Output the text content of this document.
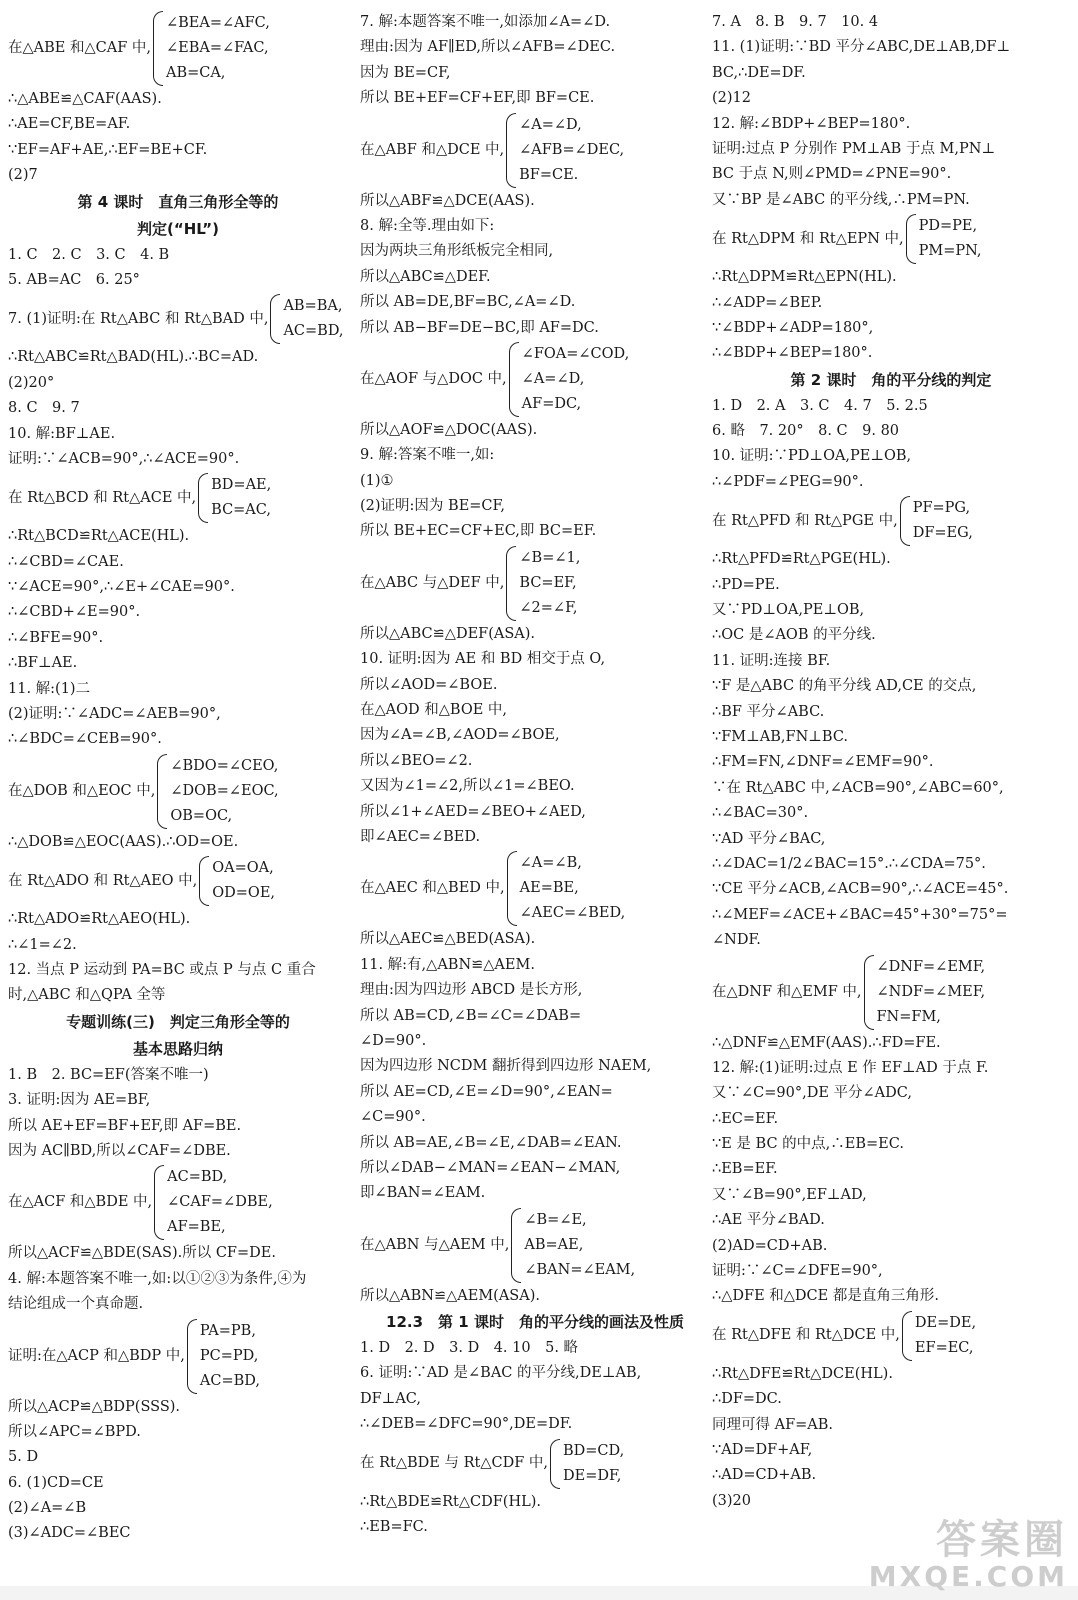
在△ABE 和△CAF 中,
∠BEA=∠AFC,
∠EBA=∠FAC,
AB=CA,
∴△ABE≌△CAF(AAS).
∴AE=CF,BE=AF.
∵EF=AF+AE,∴EF=BE+CF.
(2)7
第 4 课时　直角三角形全等的
判定(“HL”)
1. C　2. C　3. C　4. B
5. AB=AC　6. 25°
7. (1)证明:在 Rt△ABC 和 Rt△BAD 中,
AB=BA,
AC=BD,
∴Rt△ABC≌Rt△BAD(HL).∴BC=AD.
(2)20°
8. C　9. 7
10. 解:BF⊥AE.
证明:∵∠ACB=90°,∴∠ACE=90°.
在 Rt△BCD 和 Rt△ACE 中,
BD=AE,
BC=AC,
∴Rt△BCD≌Rt△ACE(HL).
∴∠CBD=∠CAE.
∵∠ACE=90°,∴∠E+∠CAE=90°.
∴∠CBD+∠E=90°.
∴∠BFE=90°.
∴BF⊥AE.
11. 解:(1)二
(2)证明:∵∠ADC=∠AEB=90°,
∴∠BDC=∠CEB=90°.
在△DOB 和△EOC 中,
∠BDO=∠CEO,
∠DOB=∠EOC,
OB=OC,
∴△DOB≌△EOC(AAS).∴OD=OE.
在 Rt△ADO 和 Rt△AEO 中,
OA=OA,
OD=OE,
∴Rt△ADO≌Rt△AEO(HL).
∴∠1=∠2.
12. 当点 P 运动到 PA=BC 或点 P 与点 C 重合
时,△ABC 和△QPA 全等
专题训练(三)　判定三角形全等的
基本思路归纳
1. B　2. BC=EF(答案不唯一)
3. 证明:因为 AE=BF,
所以 AE+EF=BF+EF,即 AF=BE.
因为 AC∥BD,所以∠CAF=∠DBE.
在△ACF 和△BDE 中,
AC=BD,
∠CAF=∠DBE,
AF=BE,
所以△ACF≌△BDE(SAS).所以 CF=DE.
4. 解:本题答案不唯一,如:以①②③为条件,④为
结论组成一个真命题.
证明:在△ACP 和△BDP 中,
PA=PB,
PC=PD,
AC=BD,
所以△ACP≌△BDP(SSS).
所以∠APC=∠BPD.
5. D
6. (1)CD=CE
(2)∠A=∠B
(3)∠ADC=∠BEC
7. 解:本题答案不唯一,如添加∠A=∠D.
理由:因为 AF∥ED,所以∠AFB=∠DEC.
因为 BE=CF,
所以 BE+EF=CF+EF,即 BF=CE.
在△ABF 和△DCE 中,
∠A=∠D,
∠AFB=∠DEC,
BF=CE.
所以△ABF≌△DCE(AAS).
8. 解:全等.理由如下:
因为两块三角形纸板完全相同,
所以△ABC≌△DEF.
所以 AB=DE,BF=BC,∠A=∠D.
所以 AB−BF=DE−BC,即 AF=DC.
在△AOF 与△DOC 中,
∠FOA=∠COD,
∠A=∠D,
AF=DC,
所以△AOF≌△DOC(AAS).
9. 解:答案不唯一,如:
(1)①
(2)证明:因为 BE=CF,
所以 BE+EC=CF+EC,即 BC=EF.
在△ABC 与△DEF 中,
∠B=∠1,
BC=EF,
∠2=∠F,
所以△ABC≌△DEF(ASA).
10. 证明:因为 AE 和 BD 相交于点 O,
所以∠AOD=∠BOE.
在△AOD 和△BOE 中,
因为∠A=∠B,∠AOD=∠BOE,
所以∠BEO=∠2.
又因为∠1=∠2,所以∠1=∠BEO.
所以∠1+∠AED=∠BEO+∠AED,
即∠AEC=∠BED.
在△AEC 和△BED 中,
∠A=∠B,
AE=BE,
∠AEC=∠BED,
所以△AEC≌△BED(ASA).
11. 解:有,△ABN≌△AEM.
理由:因为四边形 ABCD 是长方形,
所以 AB=CD,∠B=∠C=∠DAB=
∠D=90°.
因为四边形 NCDM 翻折得到四边形 NAEM,
所以 AE=CD,∠E=∠D=90°,∠EAN=
∠C=90°.
所以 AB=AE,∠B=∠E,∠DAB=∠EAN.
所以∠DAB−∠MAN=∠EAN−∠MAN,
即∠BAN=∠EAM.
在△ABN 与△AEM 中,
∠B=∠E,
AB=AE,
∠BAN=∠EAM,
所以△ABN≌△AEM(ASA).
12.3　第 1 课时　角的平分线的画法及性质
1. D　2. D　3. D　4. 10　5. 略
6. 证明:∵AD 是∠BAC 的平分线,DE⊥AB,
DF⊥AC,
∴∠DEB=∠DFC=90°,DE=DF.
在 Rt△BDE 与 Rt△CDF 中,
BD=CD,
DE=DF,
∴Rt△BDE≌Rt△CDF(HL).
∴EB=FC.
7. A　8. B　9. 7　10. 4
11. (1)证明:∵BD 平分∠ABC,DE⊥AB,DF⊥
BC,∴DE=DF.
(2)12
12. 解:∠BDP+∠BEP=180°.
证明:过点 P 分别作 PM⊥AB 于点 M,PN⊥
BC 于点 N,则∠PMD=∠PNE=90°.
又∵BP 是∠ABC 的平分线,∴PM=PN.
在 Rt△DPM 和 Rt△EPN 中,
PD=PE,
PM=PN,
∴Rt△DPM≌Rt△EPN(HL).
∴∠ADP=∠BEP.
∵∠BDP+∠ADP=180°,
∴∠BDP+∠BEP=180°.
第 2 课时　角的平分线的判定
1. D　2. A　3. C　4. 7　5. 2.5
6. 略　7. 20°　8. C　9. 80
10. 证明:∵PD⊥OA,PE⊥OB,
∴∠PDF=∠PEG=90°.
在 Rt△PFD 和 Rt△PGE 中,
PF=PG,
DF=EG,
∴Rt△PFD≌Rt△PGE(HL).
∴PD=PE.
又∵PD⊥OA,PE⊥OB,
∴OC 是∠AOB 的平分线.
11. 证明:连接 BF.
∵F 是△ABC 的角平分线 AD,CE 的交点,
∴BF 平分∠ABC.
∵FM⊥AB,FN⊥BC.
∴FM=FN,∠DNF=∠EMF=90°.
∵在 Rt△ABC 中,∠ACB=90°,∠ABC=60°,
∴∠BAC=30°.
∵AD 平分∠BAC,
∴∠DAC=1/2∠BAC=15°.∴∠CDA=75°.
∵CE 平分∠ACB,∠ACB=90°,∴∠ACE=45°.
∴∠MEF=∠ACE+∠BAC=45°+30°=75°=
∠NDF.
在△DNF 和△EMF 中,
∠DNF=∠EMF,
∠NDF=∠MEF,
FN=FM,
∴△DNF≌△EMF(AAS).∴FD=FE.
12. 解:(1)证明:过点 E 作 EF⊥AD 于点 F.
又∵∠C=90°,DE 平分∠ADC,
∴EC=EF.
∵E 是 BC 的中点,∴EB=EC.
∴EB=EF.
又∵∠B=90°,EF⊥AD,
∴AE 平分∠BAD.
(2)AD=CD+AB.
证明:∵∠C=∠DFE=90°,
∴△DFE 和△DCE 都是直角三角形.
在 Rt△DFE 和 Rt△DCE 中,
DE=DE,
EF=EC,
∴Rt△DFE≌Rt△DCE(HL).
∴DF=DC.
同理可得 AF=AB.
∵AD=DF+AF,
∴AD=CD+AB.
(3)20
答案圈
MXQE.COM
